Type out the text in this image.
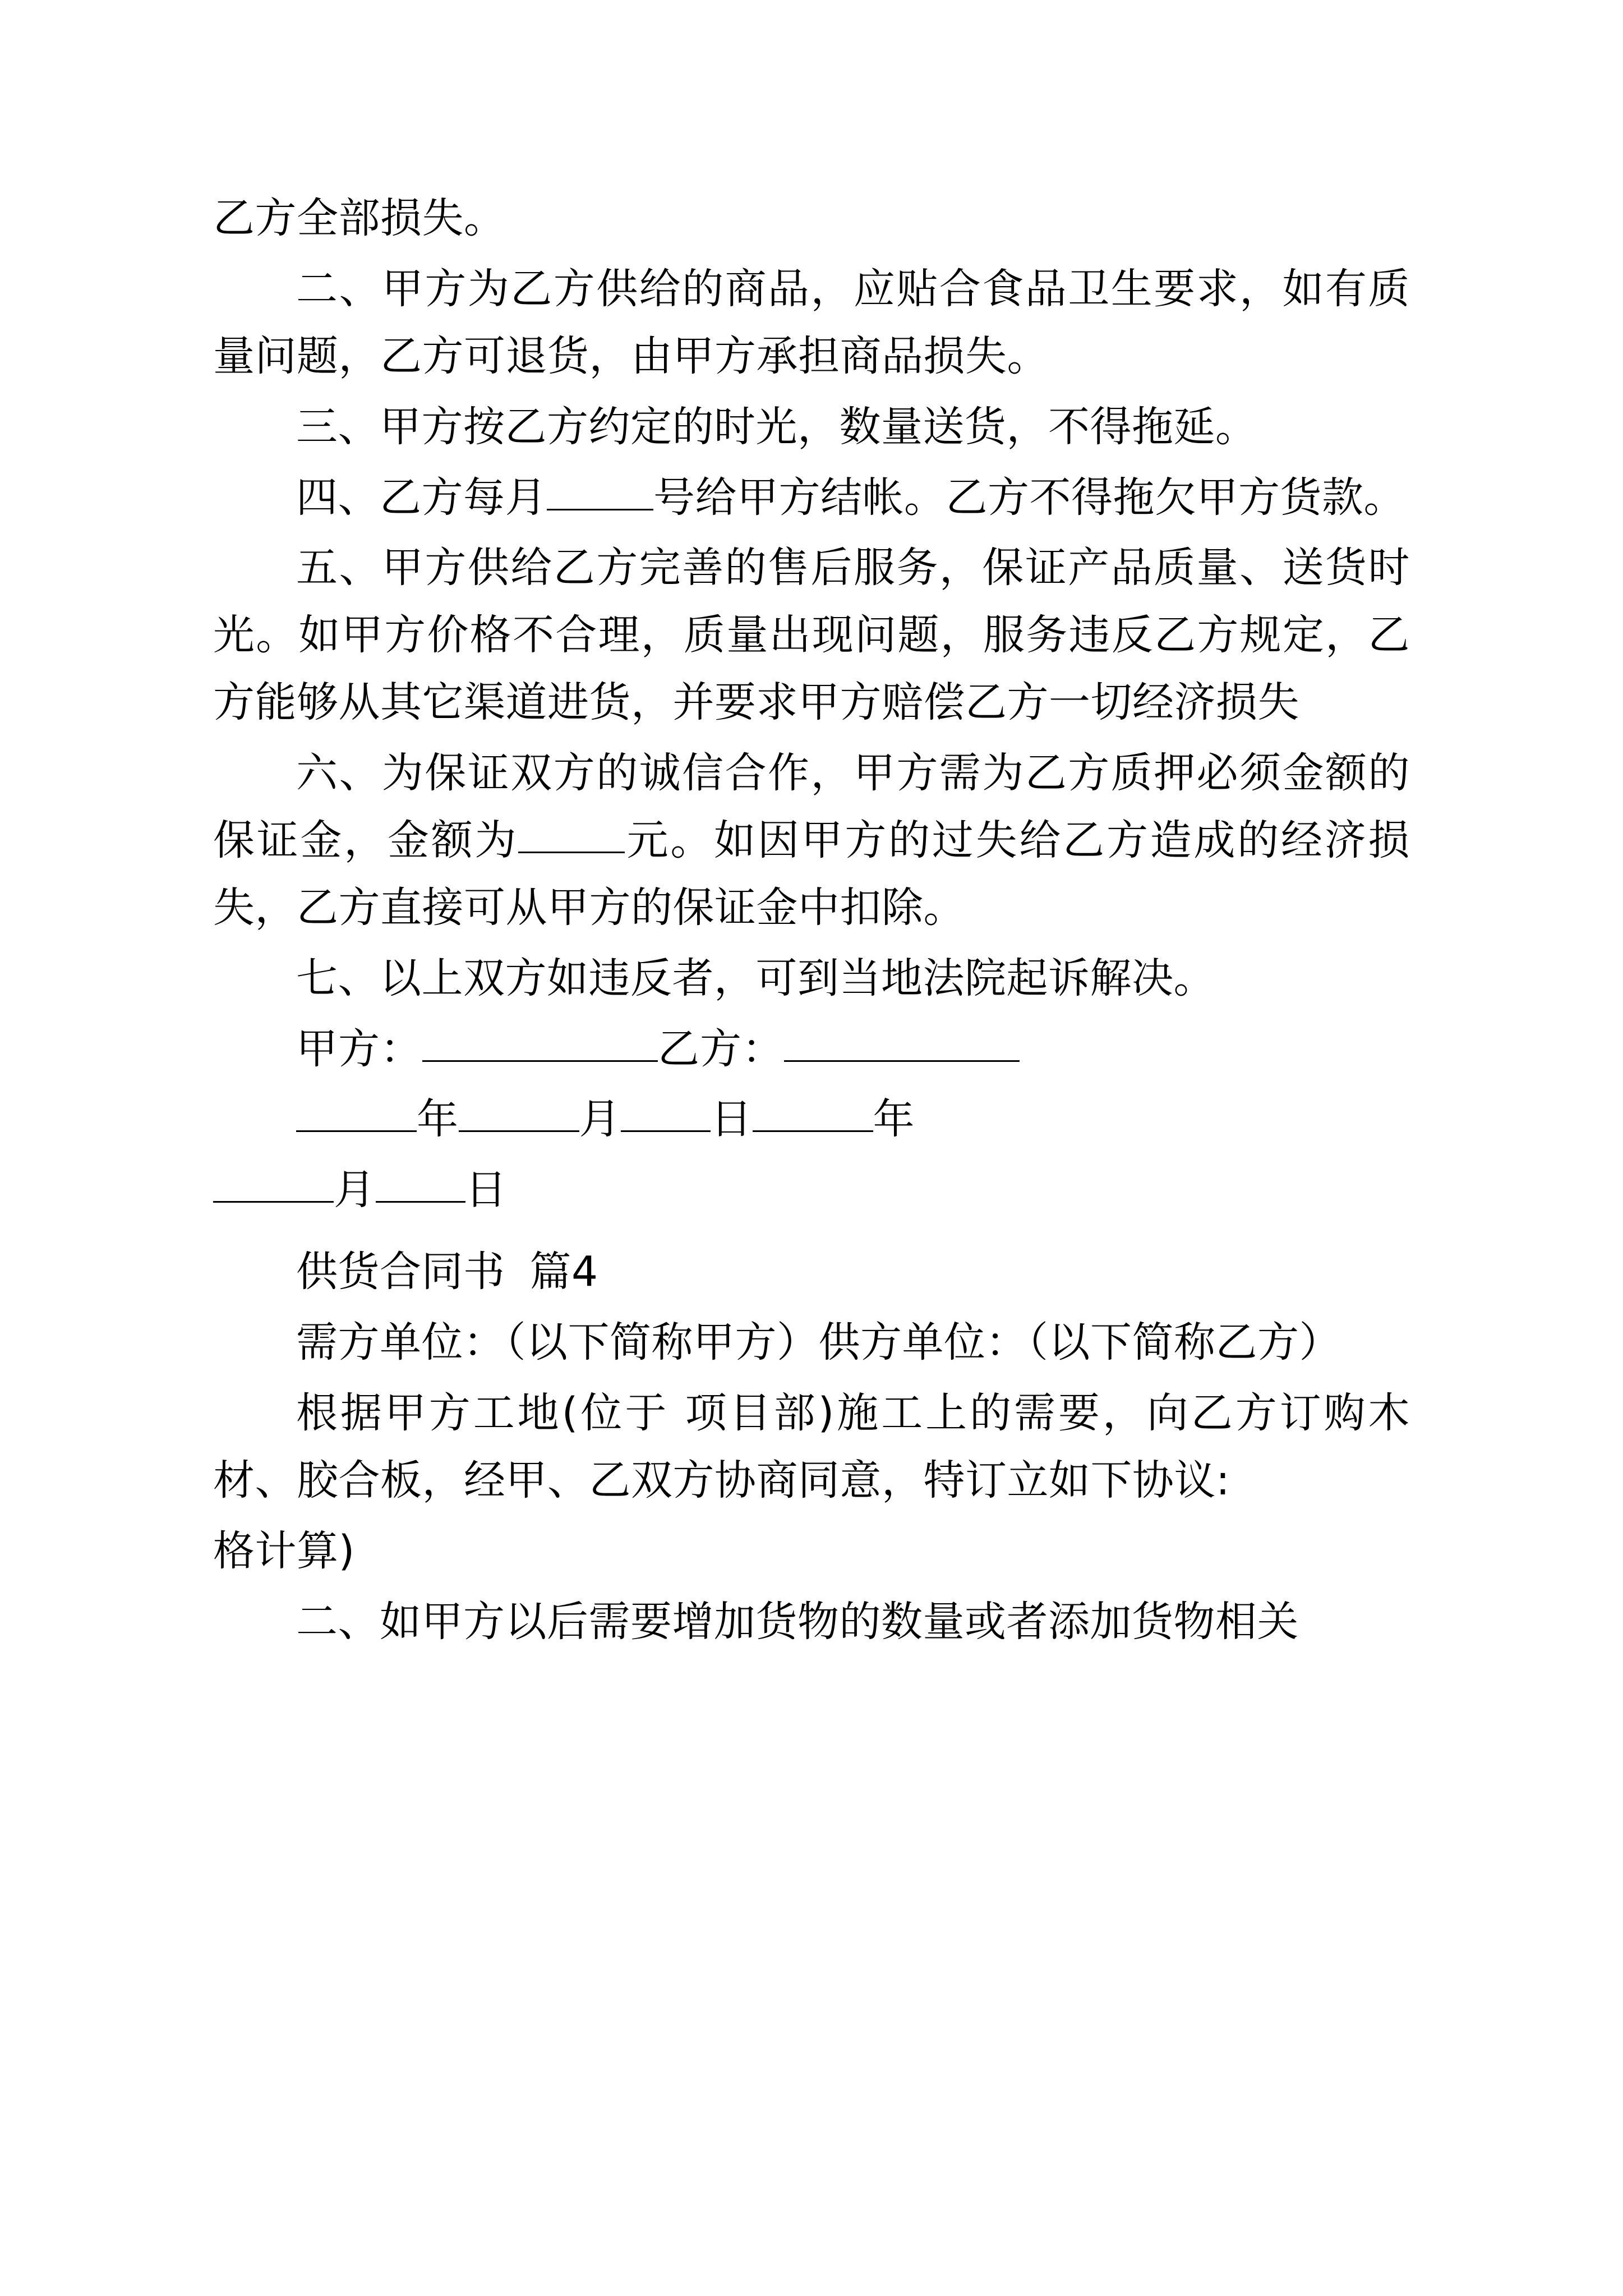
乙方全部损失。

二、甲方为乙方供给的商品，应贴合食品卫生要求，如有质量问题，乙方可退货，由甲方承担商品损失。

三、甲方按乙方约定的时光，数量送货，不得拖延。

四、乙方每月	号给甲方结帐。乙方不得拖欠甲方货款。

五、甲方供给乙方完善的售后服务，保证产品质量、送货时光。如甲方价格不合理，质量出现问题，服务违反乙方规定，乙方能够从其它渠道进货，并要求甲方赔偿乙方一切经济损失

六、为保证双方的诚信合作，甲方需为乙方质押必须金额的保证金，金额为	元。如因甲方的过失给乙方造成的经济损失，乙方直接可从甲方的保证金中扣除。

七、以上双方如违反者，可到当地法院起诉解决。

甲方：	乙方：

年	月 日	年

月 日

供货合同书 篇4

需方单位：（以下简称甲方）供方单位：（以下简称乙方）

根据甲方工地(位于 项目部)施工上的需要，向乙方订购木材、胶合板，经甲、乙双方协商同意，特订立如下协议:

格计算)

二、如甲方以后需要增加货物的数量或者添加货物相关
